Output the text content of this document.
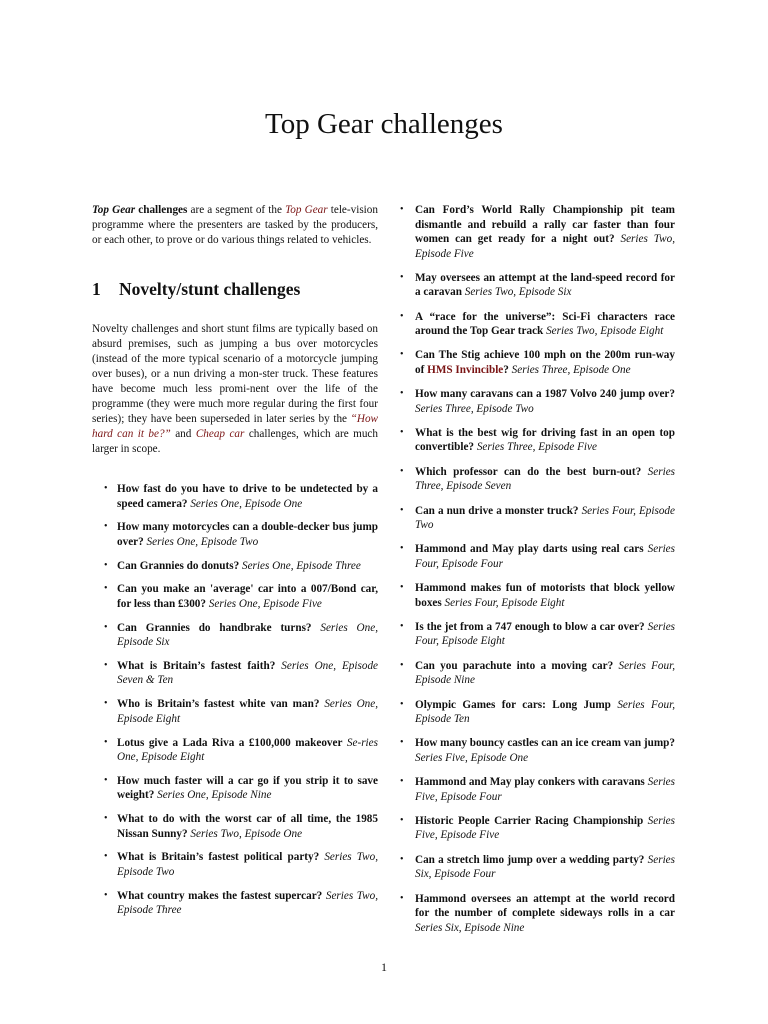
Top Gear challenges

Top Gear challenges are a segment of the Top Gear tele-vision programme where the presenters are tasked by the producers, or each other, to prove or do various things related to vehicles.

1 Novelty/stunt challenges

Novelty challenges and short stunt films are typically based on absurd premises, such as jumping a bus over motorcycles (instead of the more typical scenario of a motorcycle jumping over buses), or a nun driving a mon-ster truck. These features have become much less promi-nent over the life of the programme (they were much more regular during the first four series); they have been superseded in later series by the “How hard can it be?” and Cheap car challenges, which are much larger in scope.

• How fast do you have to drive to be undetected by a speed camera? Series One, Episode One
• How many motorcycles can a double-decker bus jump over? Series One, Episode Two
• Can Grannies do donuts? Series One, Episode Three
• Can you make an 'average' car into a 007/Bond car, for less than £300? Series One, Episode Five
• Can Grannies do handbrake turns? Series One, Episode Six
• What is Britain’s fastest faith? Series One, Episode Seven & Ten
• Who is Britain’s fastest white van man? Series One, Episode Eight
• Lotus give a Lada Riva a £100,000 makeover Se-ries One, Episode Eight
• How much faster will a car go if you strip it to save weight? Series One, Episode Nine
• What to do with the worst car of all time, the 1985 Nissan Sunny? Series Two, Episode One
• What is Britain’s fastest political party? Series Two, Episode Two
• What country makes the fastest supercar? Series Two, Episode Three
• Can Ford’s World Rally Championship pit team dismantle and rebuild a rally car faster than four women can get ready for a night out? Series Two, Episode Five
• May oversees an attempt at the land-speed record for a caravan Series Two, Episode Six
• A “race for the universe”: Sci-Fi characters race around the Top Gear track Series Two, Episode Eight
• Can The Stig achieve 100 mph on the 200m run-way of HMS Invincible? Series Three, Episode One
• How many caravans can a 1987 Volvo 240 jump over? Series Three, Episode Two
• What is the best wig for driving fast in an open top convertible? Series Three, Episode Five
• Which professor can do the best burn-out? Series Three, Episode Seven
• Can a nun drive a monster truck? Series Four, Episode Two
• Hammond and May play darts using real cars Series Four, Episode Four
• Hammond makes fun of motorists that block yellow boxes Series Four, Episode Eight
• Is the jet from a 747 enough to blow a car over? Series Four, Episode Eight
• Can you parachute into a moving car? Series Four, Episode Nine
• Olympic Games for cars: Long Jump Series Four, Episode Ten
• How many bouncy castles can an ice cream van jump? Series Five, Episode One
• Hammond and May play conkers with caravans Series Five, Episode Four
• Historic People Carrier Racing Championship Series Five, Episode Five
• Can a stretch limo jump over a wedding party? Series Six, Episode Four
• Hammond oversees an attempt at the world record for the number of complete sideways rolls in a car Series Six, Episode Nine
1
